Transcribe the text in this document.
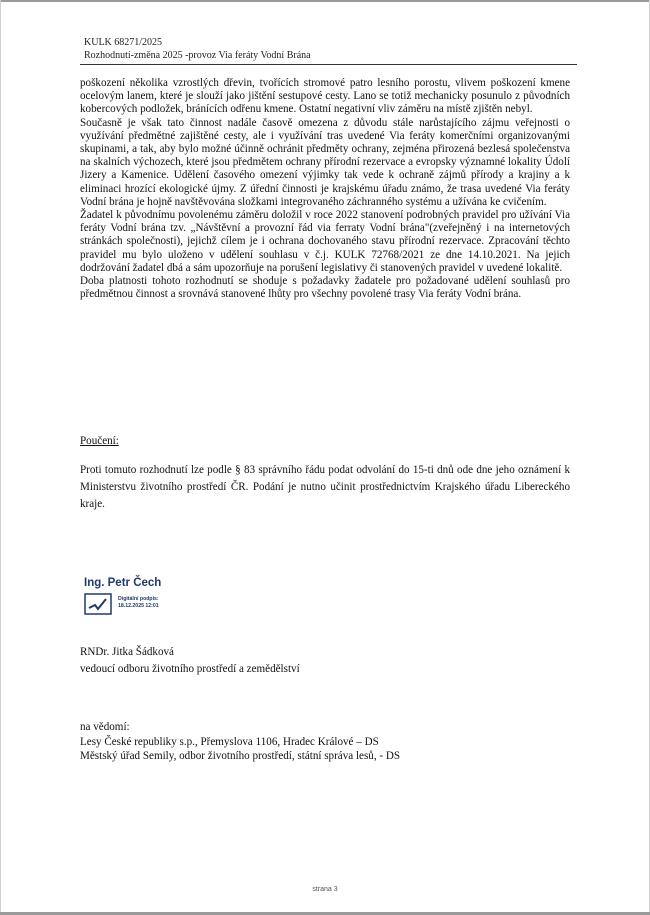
KULK 68271/2025
Rozhodnutí-změna 2025 -provoz Via feráty Vodní Brána

poškození několika vzrostlých dřevin, tvořících stromové patro lesního porostu, vlivem poškození kmene ocelovým lanem, které je slouží jako jištění sestupové cesty. Lano se totiž mechanicky posunulo z původních kobercových podložek, bránících odřenu kmene. Ostatní negativní vliv záměru na místě zjištěn nebyl.

Současně je však tato činnost nadále časově omezena z důvodu stále narůstajícího zájmu veřejnosti o využívání předmětné zajištěné cesty, ale i využívání tras uvedené Via feráty komerčními organizovanými skupinami, a tak, aby bylo možné účinně ochránit předměty ochrany, zejména přirozená bezlesá společenstva na skalních výchozech, které jsou předmětem ochrany přírodní rezervace a evropsky významné lokality Údolí Jizery a Kamenice. Udělení časového omezení výjimky tak vede k ochraně zájmů přírody a krajiny a k eliminaci hrozící ekologické újmy. Z úřední činnosti je krajskému úřadu známo, že trasa uvedené Via feráty Vodní brána je hojně navštěvována složkami integrovaného záchranného systému a užívána ke cvičením.

Žadatel k původnímu povolenému záměru doložil v roce 2022 stanovení podrobných pravidel pro užívání Via feráty Vodní brána tzv. „Návštěvní a provozní řád via ferraty Vodní brána"(zveřejněný i na internetových stránkách společnosti), jejichž cílem je i ochrana dochovaného stavu přírodní rezervace. Zpracování těchto pravidel mu bylo uloženo v udělení souhlasu v č.j. KULK 72768/2021 ze dne 14.10.2021. Na jejich dodržování žadatel dbá a sám upozorňuje na porušení legislativy či stanovených pravidel v uvedené lokalitě.

Doba platnosti tohoto rozhodnutí se shoduje s požadavky žadatele pro požadované udělení souhlasů pro předmětnou činnost a srovnává stanovené lhůty pro všechny povolené trasy Via feráty Vodní brána.

Poučení:
Proti tomuto rozhodnutí lze podle § 83 správního řádu podat odvolání do 15-ti dnů ode dne jeho oznámení k Ministerstvu životního prostředí ČR. Podání je nutno učinit prostřednictvím Krajského úřadu Libereckého kraje.
Ing. Petr Čech
Digitální podpis:
18.12.2025 12:01
RNDr. Jitka Šádková
vedoucí odboru životního prostředí a zemědělství
na vědomí:
Lesy České republiky s.p., Přemyslova 1106, Hradec Králové – DS
Městský úřad Semily, odbor životního prostředí, státní správa lesů, - DS
strana 3
